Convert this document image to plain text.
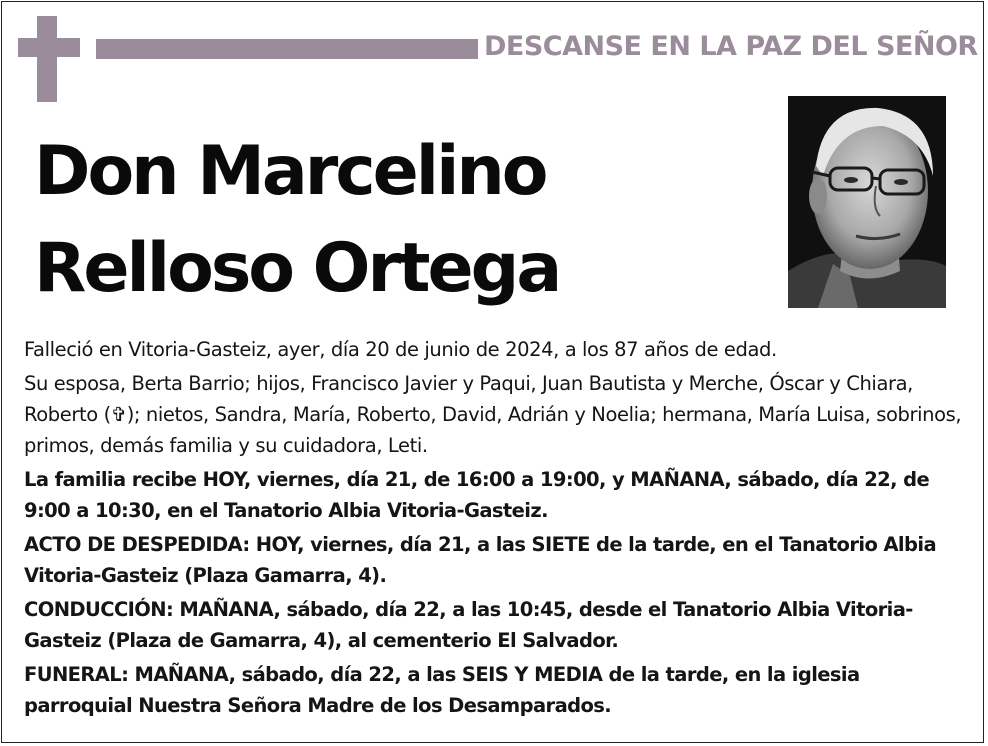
DESCANSE EN LA PAZ DEL SEÑOR
Don Marcelino
Relloso Ortega

Falleció en Vitoria-Gasteiz, ayer, día 20 de junio de 2024, a los 87 años de edad.

Su esposa, Berta Barrio; hijos, Francisco Javier y Paqui, Juan Bautista y Merche, Óscar y Chiara, Roberto (✞); nietos, Sandra, María, Roberto, David, Adrián y Noelia; hermana, María Luisa, sobrinos, primos, demás familia y su cuidadora, Leti.

La familia recibe HOY, viernes, día 21, de 16:00 a 19:00, y MAÑANA, sábado, día 22, de 9:00 a 10:30, en el Tanatorio Albia Vitoria-Gasteiz.

ACTO DE DESPEDIDA: HOY, viernes, día 21, a las SIETE de la tarde, en el Tanatorio Albia Vitoria-Gasteiz (Plaza Gamarra, 4).

CONDUCCIÓN: MAÑANA, sábado, día 22, a las 10:45, desde el Tanatorio Albia Vitoria-Gasteiz (Plaza de Gamarra, 4), al cementerio El Salvador.

FUNERAL: MAÑANA, sábado, día 22, a las SEIS Y MEDIA de la tarde, en la iglesia parroquial Nuestra Señora Madre de los Desamparados.
